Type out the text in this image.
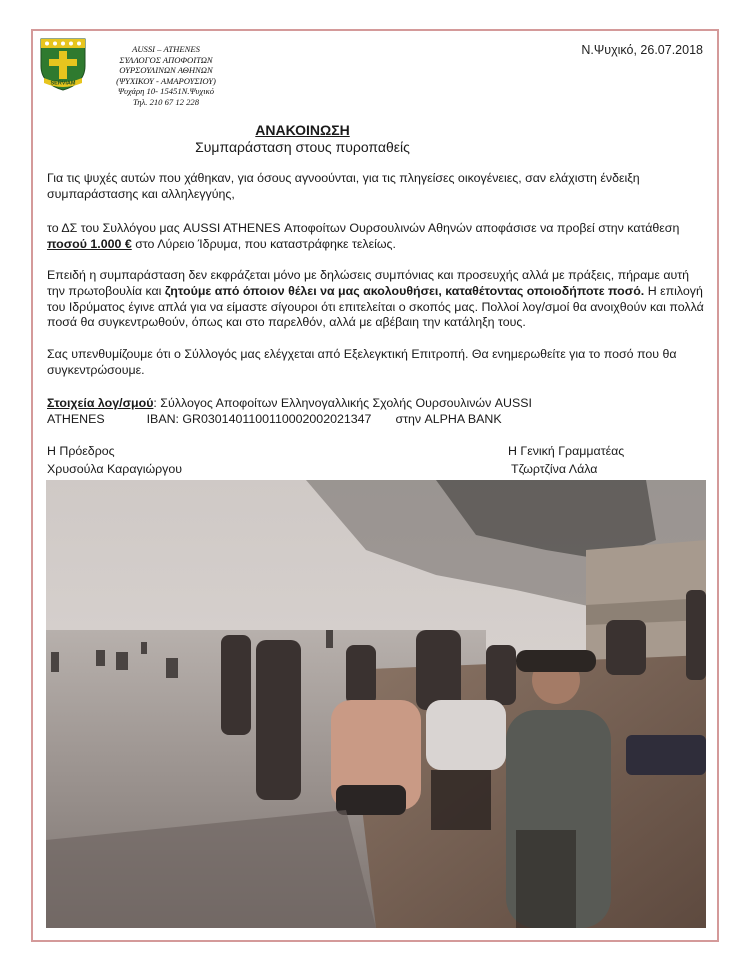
SERVIAM
AUSSI – ATHENES
ΣΥΛΛΟΓΟΣ ΑΠΟΦΟΙΤΩΝ
ΟΥΡΣΟΥΛΙΝΩΝ ΑΘΗΝΩΝ
(ΨΥΧΙΚΟΥ - ΑΜΑΡΟΥΣΙΟΥ)
Ψυχάρη 10- 15451Ν.Ψυχικό
Τηλ. 210 67 12 228
Ν.Ψυχικό, 26.07.2018
ΑΝΑΚΟΙΝΩΣΗ
Συμπαράσταση στους πυροπαθείς
Για τις ψυχές αυτών που χάθηκαν, για όσους αγνοούνται, για τις πληγείσες οικογένειες, σαν ελάχιστη ένδειξη συμπαράστασης και αλληλεγγύης,
το ΔΣ του Συλλόγου μας AUSSI ATHENES Αποφοίτων Ουρσουλινών Αθηνών αποφάσισε να προβεί στην κατάθεση ποσού 1.000 € στο Λύρειο Ίδρυμα, που καταστράφηκε τελείως.
Επειδή η συμπαράσταση δεν εκφράζεται μόνο με δηλώσεις συμπόνιας και προσευχής αλλά με πράξεις, πήραμε αυτή την πρωτοβουλία και ζητούμε από όποιον θέλει να μας ακολουθήσει, καταθέτοντας οποιοδήποτε ποσό. Η επιλογή του Ιδρύματος έγινε απλά για να είμαστε σίγουροι ότι επιτελείται ο σκοπός μας. Πολλοί λογ/σμοί θα ανοιχθούν και πολλά ποσά θα συγκεντρωθούν, όπως και στο παρελθόν, αλλά με αβέβαιη την κατάληξη τους.
Σας υπενθυμίζουμε ότι ο Σύλλογός μας ελέγχεται από Εξελεγκτική Επιτροπή. Θα ενημερωθείτε για το ποσό που θα συγκεντρώσουμε.
Στοιχεία λογ/σμού: Σύλλογος Αποφοίτων Ελληνογαλλικής Σχολής Ουρσουλινών AUSSI
ATHENES	IBAN: GR0301401100110002002021347 στην ALPHA BANK
Η Πρόεδρος
Χρυσούλα Καραγιώργου
Η Γενική Γραμματέας
Τζωρτζίνα Λάλα
